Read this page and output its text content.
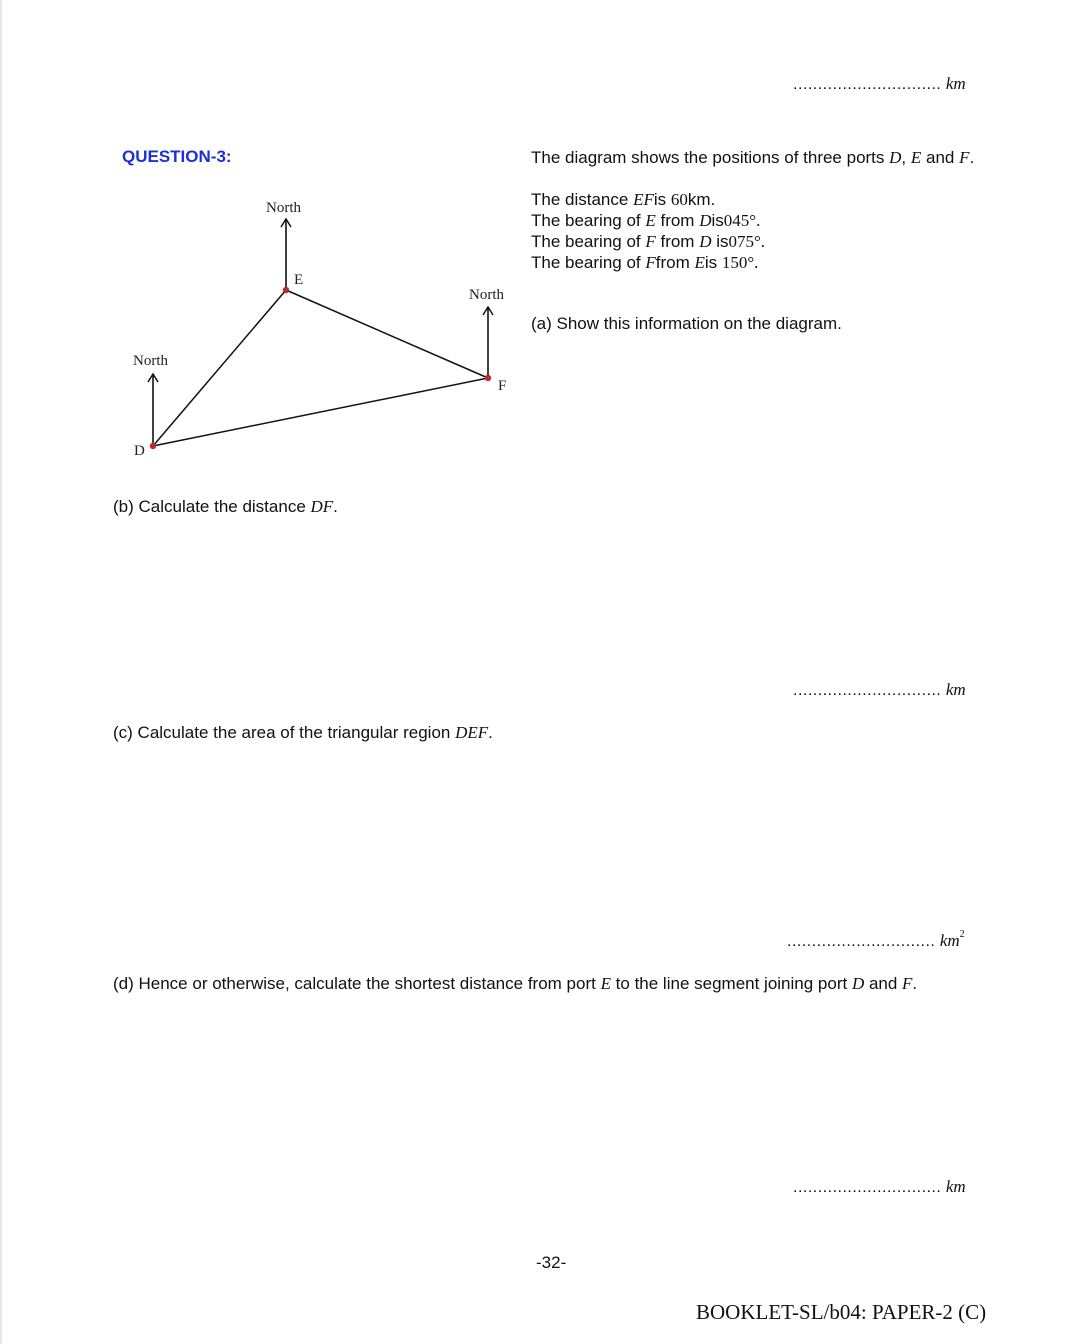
.............................. km
QUESTION-3:	The diagram shows the positions of three ports D, E and F.
The distance EFis 60km.
The bearing of E from Dis045°.
The bearing of F from D is075°.
The bearing of Ffrom Eis 150°.
(a) Show this information on the diagram.
North
North
North
E
F
D
(b) Calculate the distance DF.
.............................. km
(c) Calculate the area of the triangular region DEF.
.............................. $km^2$
(d) Hence or otherwise, calculate the shortest distance from port E to the line segment joining port D and F.
.............................. km
-32-
BOOKLET-SL/b04: PAPER-2 (C)
